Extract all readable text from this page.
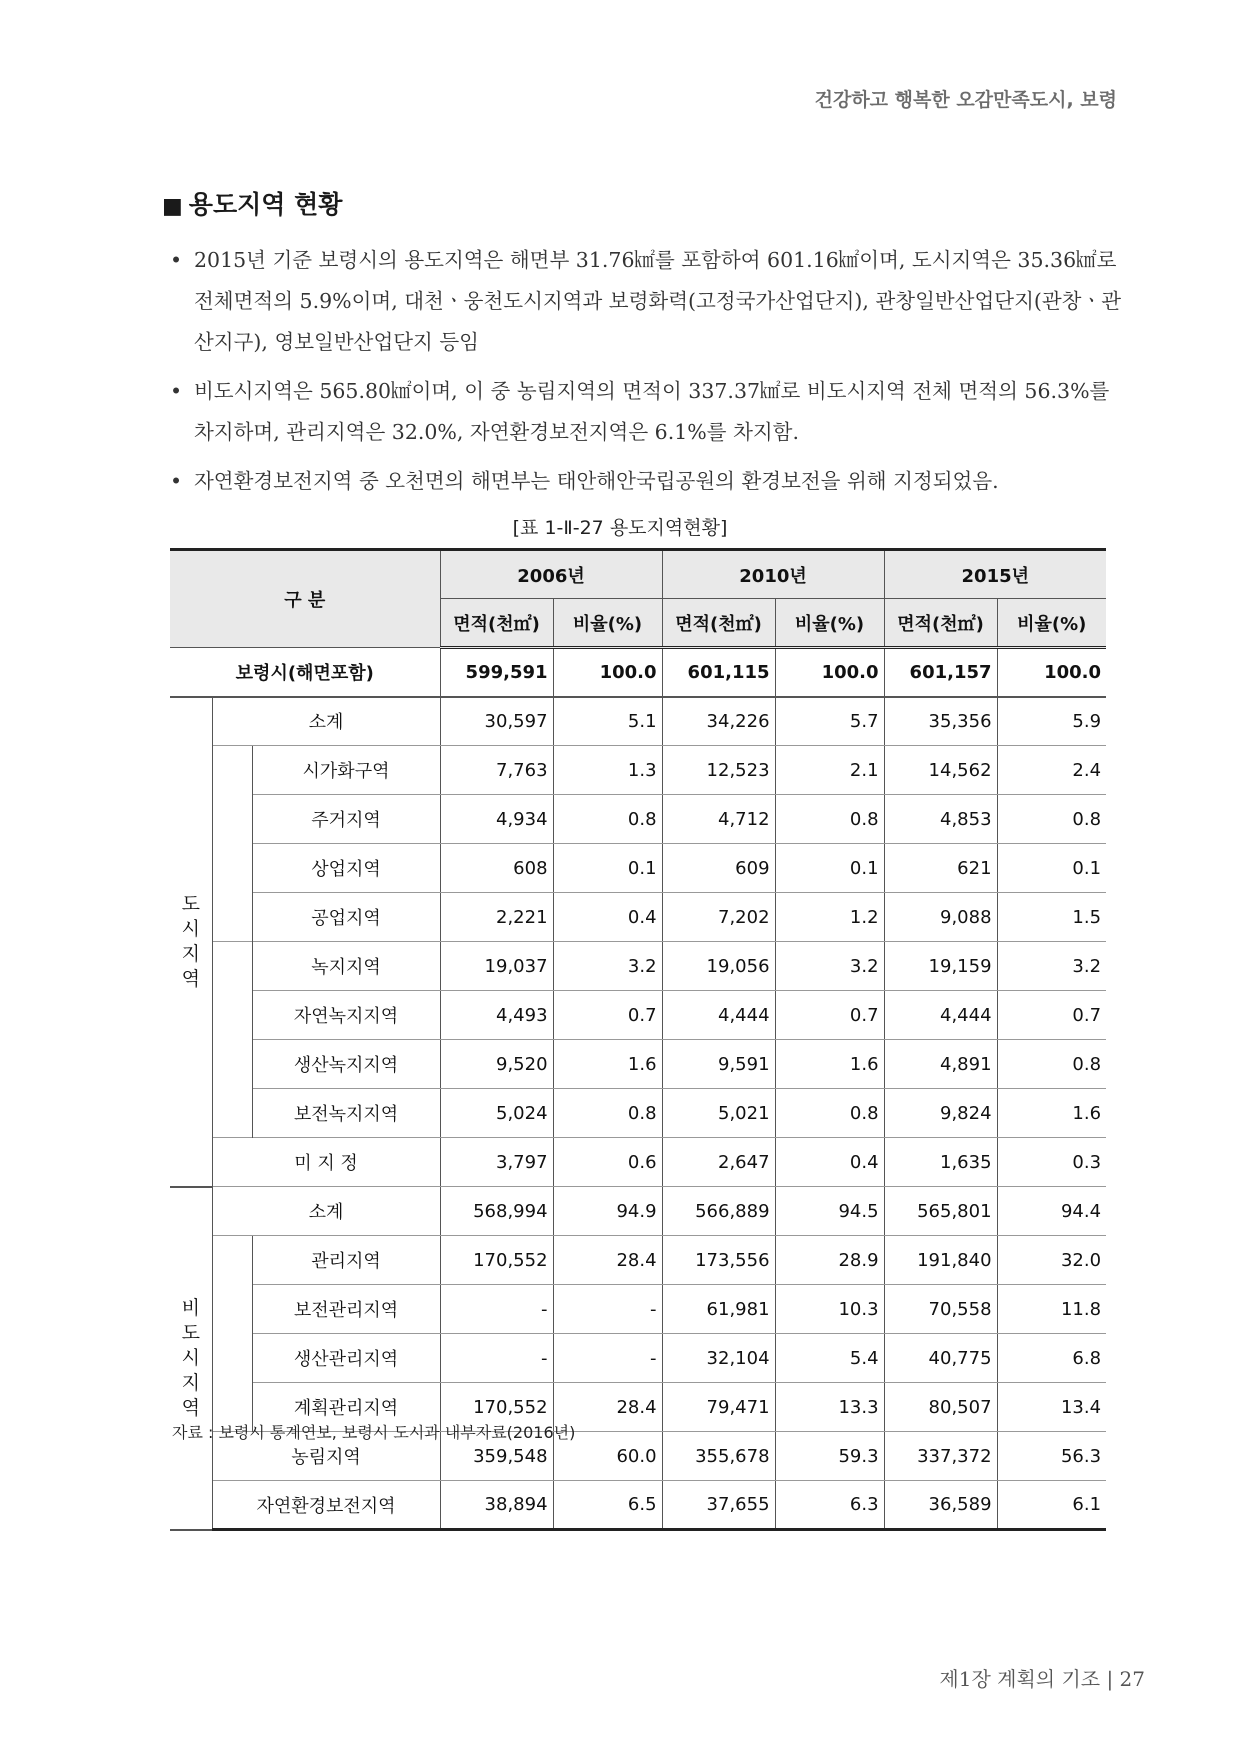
건강하고 행복한 오감만족도시, 보령
■ 용도지역 현황
• 2015년 기준 보령시의 용도지역은 해면부 31.76㎢를 포함하여 601.16㎢이며, 도시지역은 35.36㎢로 전체면적의 5.9%이며, 대천ㆍ웅천도시지역과 보령화력(고정국가산업단지), 관창일반산업단지(관창ㆍ관산지구), 영보일반산업단지 등임
• 비도시지역은 565.80㎢이며, 이 중 농림지역의 면적이 337.37㎢로 비도시지역 전체 면적의 56.3%를 차지하며, 관리지역은 32.0%, 자연환경보전지역은 6.1%를 차지함.
• 자연환경보전지역 중 오천면의 해면부는 태안해안국립공원의 환경보전을 위해 지정되었음.
[표 1-Ⅱ-27 용도지역현황]
구 분			2006년		2010년		2015년	
			면적(천㎡)	비율(%)	면적(천㎡)	비율(%)	면적(천㎡)	비율(%)
보령시(해면포함)			599,591	100.0	601,115	100.0	601,157	100.0

도
시
지
역	소계		30,597	5.1	34,226	5.7	35,356	5.9
		시가화구역	7,763	1.3	12,523	2.1	14,562	2.4
		주거지역	4,934	0.8	4,712	0.8	4,853	0.8
		상업지역	608	0.1	609	0.1	621	0.1
		공업지역	2,221	0.4	7,202	1.2	9,088	1.5
		녹지지역	19,037	3.2	19,056	3.2	19,159	3.2
		자연녹지지역	4,493	0.7	4,444	0.7	4,444	0.7
		생산녹지지역	9,520	1.6	9,591	1.6	4,891	0.8
		보전녹지지역	5,024	0.8	5,021	0.8	9,824	1.6
	미 지 정		3,797	0.6	2,647	0.4	1,635	0.3

비
도
시
지
역	소계		568,994	94.9	566,889	94.5	565,801	94.4
		관리지역	170,552	28.4	173,556	28.9	191,840	32.0
		보전관리지역	-	-	61,981	10.3	70,558	11.8
		생산관리지역	-	-	32,104	5.4	40,775	6.8
		계획관리지역	170,552	28.4	79,471	13.3	80,507	13.4
	농림지역		359,548	60.0	355,678	59.3	337,372	56.3
	자연환경보전지역		38,894	6.5	37,655	6.3	36,589	6.1
자료 : 보령시 통계연보, 보령시 도시과 내부자료(2016년)
제1장 계획의 기조 | 27
